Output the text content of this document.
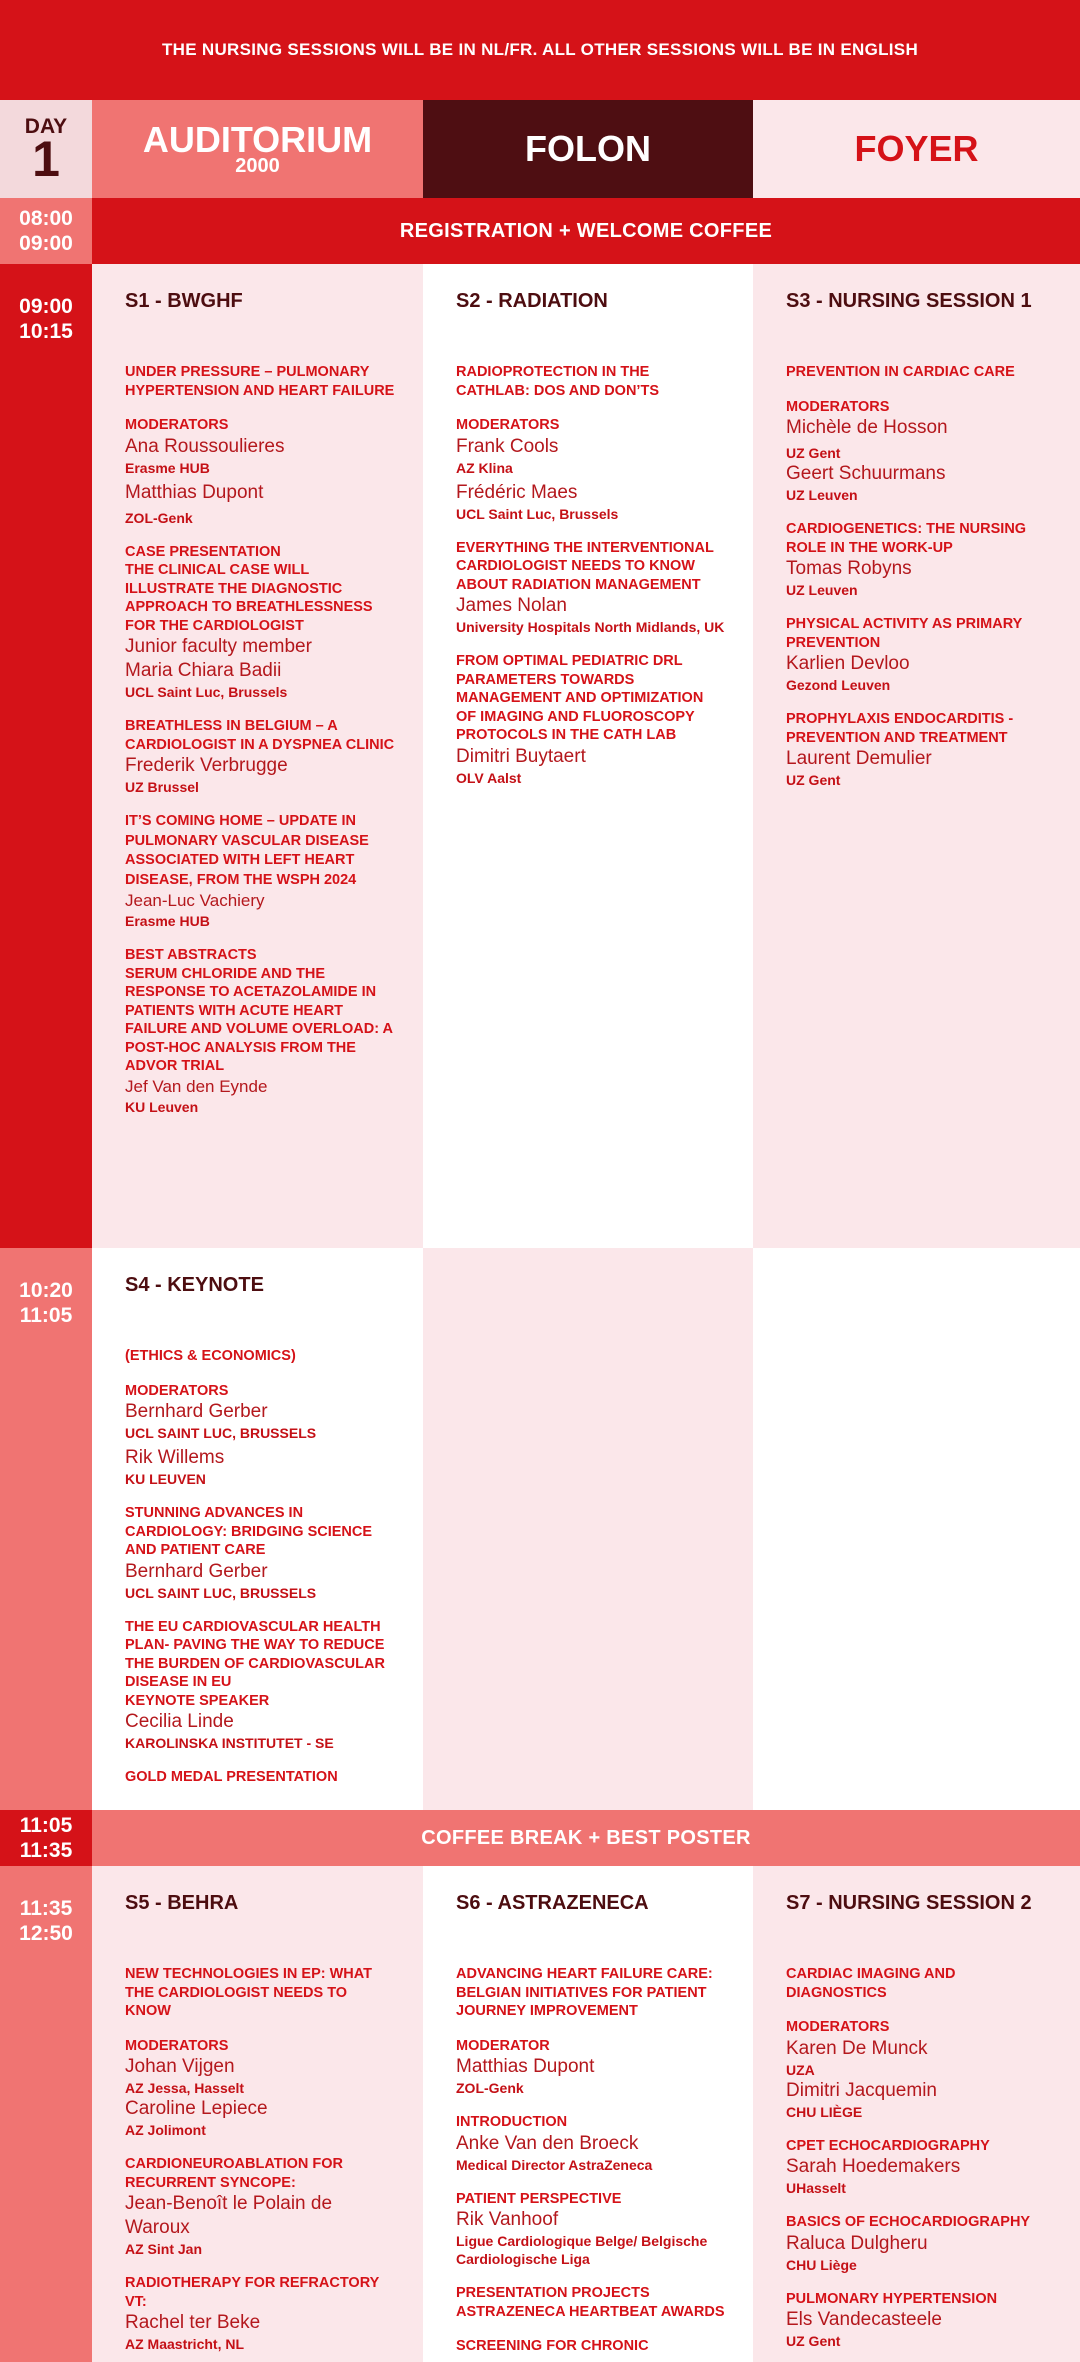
THE NURSING SESSIONS WILL BE IN NL/FR. ALL OTHER SESSIONS WILL BE IN ENGLISH
DAY
1 AUDITORIUM
2000	FOLON	FOYER
08:00
09:00
REGISTRATION + WELCOME COFFEE
09:00
10:15
S1 - BWGHF
UNDER PRESSURE – PULMONARY HYPERTENSION AND HEART FAILURE
MODERATORS
Ana Roussoulieres
Erasme HUB
Matthias Dupont
ZOL-Genk
CASE PRESENTATION
THE CLINICAL CASE WILL ILLUSTRATE THE DIAGNOSTIC APPROACH TO BREATHLESSNESS FOR THE CARDIOLOGIST
Junior faculty member
Maria Chiara Badii
UCL Saint Luc, Brussels
BREATHLESS IN BELGIUM – A CARDIOLOGIST IN A DYSPNEA CLINIC
Frederik Verbrugge
UZ Brussel
IT’S COMING HOME – UPDATE IN PULMONARY VASCULAR DISEASE ASSOCIATED WITH LEFT HEART DISEASE, FROM THE WSPH 2024
Jean-Luc Vachiery
Erasme HUB
BEST ABSTRACTS
SERUM CHLORIDE AND THE RESPONSE TO ACETAZOLAMIDE IN PATIENTS WITH ACUTE HEART FAILURE AND VOLUME OVERLOAD: A POST-HOC ANALYSIS FROM THE ADVOR TRIAL
Jef Van den Eynde
KU Leuven
S2 - RADIATION
RADIOPROTECTION IN THE CATHLAB: DOS AND DON’TS
MODERATORS
Frank Cools
AZ Klina
Frédéric Maes
UCL Saint Luc, Brussels
EVERYTHING THE INTERVENTIONAL CARDIOLOGIST NEEDS TO KNOW ABOUT RADIATION MANAGEMENT
James Nolan
University Hospitals North Midlands, UK
FROM OPTIMAL PEDIATRIC DRL PARAMETERS TOWARDS MANAGEMENT AND OPTIMIZATION OF IMAGING AND FLUOROSCOPY PROTOCOLS IN THE CATH LAB
Dimitri Buytaert
OLV Aalst
S3 - NURSING SESSION 1
PREVENTION IN CARDIAC CARE
MODERATORS
Michèle de Hosson
UZ Gent
Geert Schuurmans
UZ Leuven
CARDIOGENETICS: THE NURSING ROLE IN THE WORK-UP
Tomas Robyns
UZ Leuven
PHYSICAL ACTIVITY AS PRIMARY PREVENTION
Karlien Devloo
Gezond Leuven
PROPHYLAXIS ENDOCARDITIS - PREVENTION AND TREATMENT
Laurent Demulier
UZ Gent
10:20
11:05
S4 - KEYNOTE
(ETHICS & ECONOMICS)
MODERATORS
Bernhard Gerber
UCL SAINT LUC, BRUSSELS
Rik Willems
KU LEUVEN
STUNNING ADVANCES IN CARDIOLOGY: BRIDGING SCIENCE AND PATIENT CARE
Bernhard Gerber
UCL SAINT LUC, BRUSSELS
THE EU CARDIOVASCULAR HEALTH PLAN- PAVING THE WAY TO REDUCE THE BURDEN OF CARDIOVASCULAR DISEASE IN EU
KEYNOTE SPEAKER
Cecilia Linde
KAROLINSKA INSTITUTET - SE
GOLD MEDAL PRESENTATION
11:05
11:35
COFFEE BREAK + BEST POSTER
11:35
12:50
S5 - BEHRA
NEW TECHNOLOGIES IN EP: WHAT THE CARDIOLOGIST NEEDS TO KNOW
MODERATORS
Johan Vijgen
AZ Jessa, Hasselt
Caroline Lepiece
AZ Jolimont
CARDIONEUROABLATION FOR RECURRENT SYNCOPE:
Jean-Benoît le Polain de Waroux
AZ Sint Jan
RADIOTHERAPY FOR REFRACTORY VT:
Rachel ter Beke
AZ Maastricht, NL
S6 - ASTRAZENECA
ADVANCING HEART FAILURE CARE: BELGIAN INITIATIVES FOR PATIENT JOURNEY IMPROVEMENT
MODERATOR
Matthias Dupont
ZOL-Genk
INTRODUCTION
Anke Van den Broeck
Medical Director AstraZeneca
PATIENT PERSPECTIVE
Rik Vanhoof
Ligue Cardiologique Belge/ Belgische Cardiologische Liga
PRESENTATION PROJECTS ASTRAZENECA HEARTBEAT AWARDS
SCREENING FOR CHRONIC
S7 - NURSING SESSION 2
CARDIAC IMAGING AND DIAGNOSTICS
MODERATORS
Karen De Munck
UZA
Dimitri Jacquemin
CHU LIÈGE
CPET ECHOCARDIOGRAPHY
Sarah Hoedemakers
UHasselt
BASICS OF ECHOCARDIOGRAPHY
Raluca Dulgheru
CHU Liège
PULMONARY HYPERTENSION
Els Vandecasteele
UZ Gent
